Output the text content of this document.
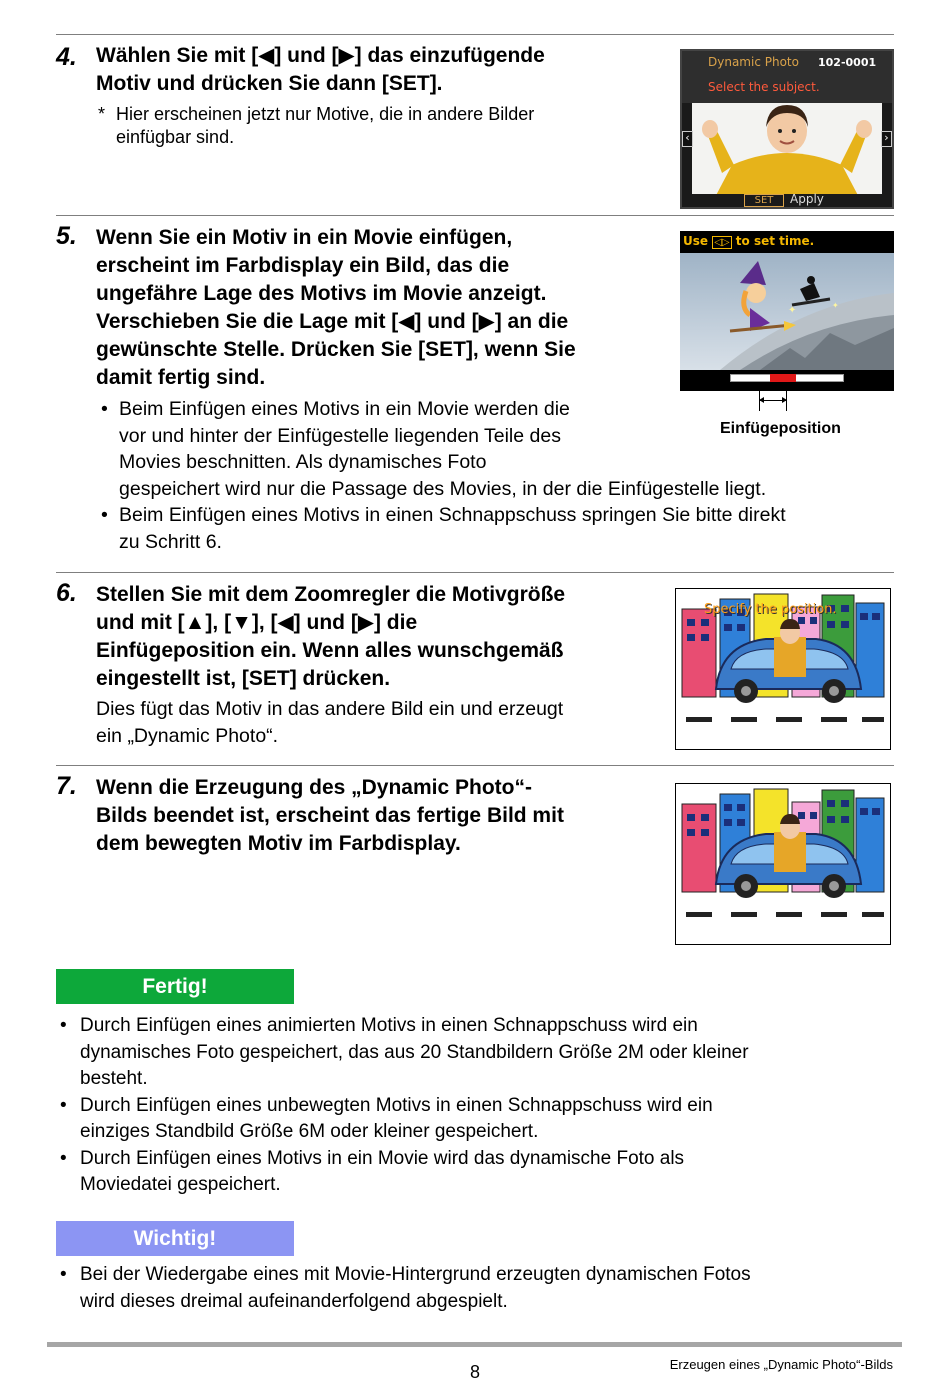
4. Wählen Sie mit [◀] und [▶] das einzufügende
Motiv und drücken Sie dann [SET].
* Hier erscheinen jetzt nur Motive, die in andere Bilder
einfügbar sind.
Dynamic Photo 102-0001
Select the subject.
‹	›
SET	Apply
5. Wenn Sie ein Motiv in ein Movie einfügen,
erscheint im Farbdisplay ein Bild, das die
ungefähre Lage des Motivs im Movie anzeigt.
Verschieben Sie die Lage mit [◀] und [▶] an die
gewünschte Stelle. Drücken Sie [SET], wenn Sie
damit fertig sind.
• Beim Einfügen eines Motivs in ein Movie werden die
vor und hinter der Einfügestelle liegenden Teile des
Movies beschnitten. Als dynamisches Foto
gespeichert wird nur die Passage des Movies, in der die Einfügestelle liegt.
• Beim Einfügen eines Motivs in einen Schnappschuss springen Sie bitte direkt
zu Schritt 6.
Use ◁▷ to set time.
✦	✦
Einfügeposition
6. Stellen Sie mit dem Zoomregler die Motivgröße
und mit [▲], [▼], [◀] und [▶] die
Einfügeposition ein. Wenn alles wunschgemäß
eingestellt ist, [SET] drücken.
Dies fügt das Motiv in das andere Bild ein und erzeugt
ein „Dynamic Photo“.
Specify the position.
7. Wenn die Erzeugung des „Dynamic Photo“-
Bilds beendet ist, erscheint das fertige Bild mit
dem bewegten Motiv im Farbdisplay.
Fertig!
• Durch Einfügen eines animierten Motivs in einen Schnappschuss wird ein
dynamisches Foto gespeichert, das aus 20 Standbildern Größe 2M oder kleiner
besteht.
• Durch Einfügen eines unbewegten Motivs in einen Schnappschuss wird ein
einziges Standbild Größe 6M oder kleiner gespeichert.
• Durch Einfügen eines Motivs in ein Movie wird das dynamische Foto als
Moviedatei gespeichert.
Wichtig!
• Bei der Wiedergabe eines mit Movie-Hintergrund erzeugten dynamischen Fotos
wird dieses dreimal aufeinanderfolgend abgespielt.
8	Erzeugen eines „Dynamic Photo“-Bilds
